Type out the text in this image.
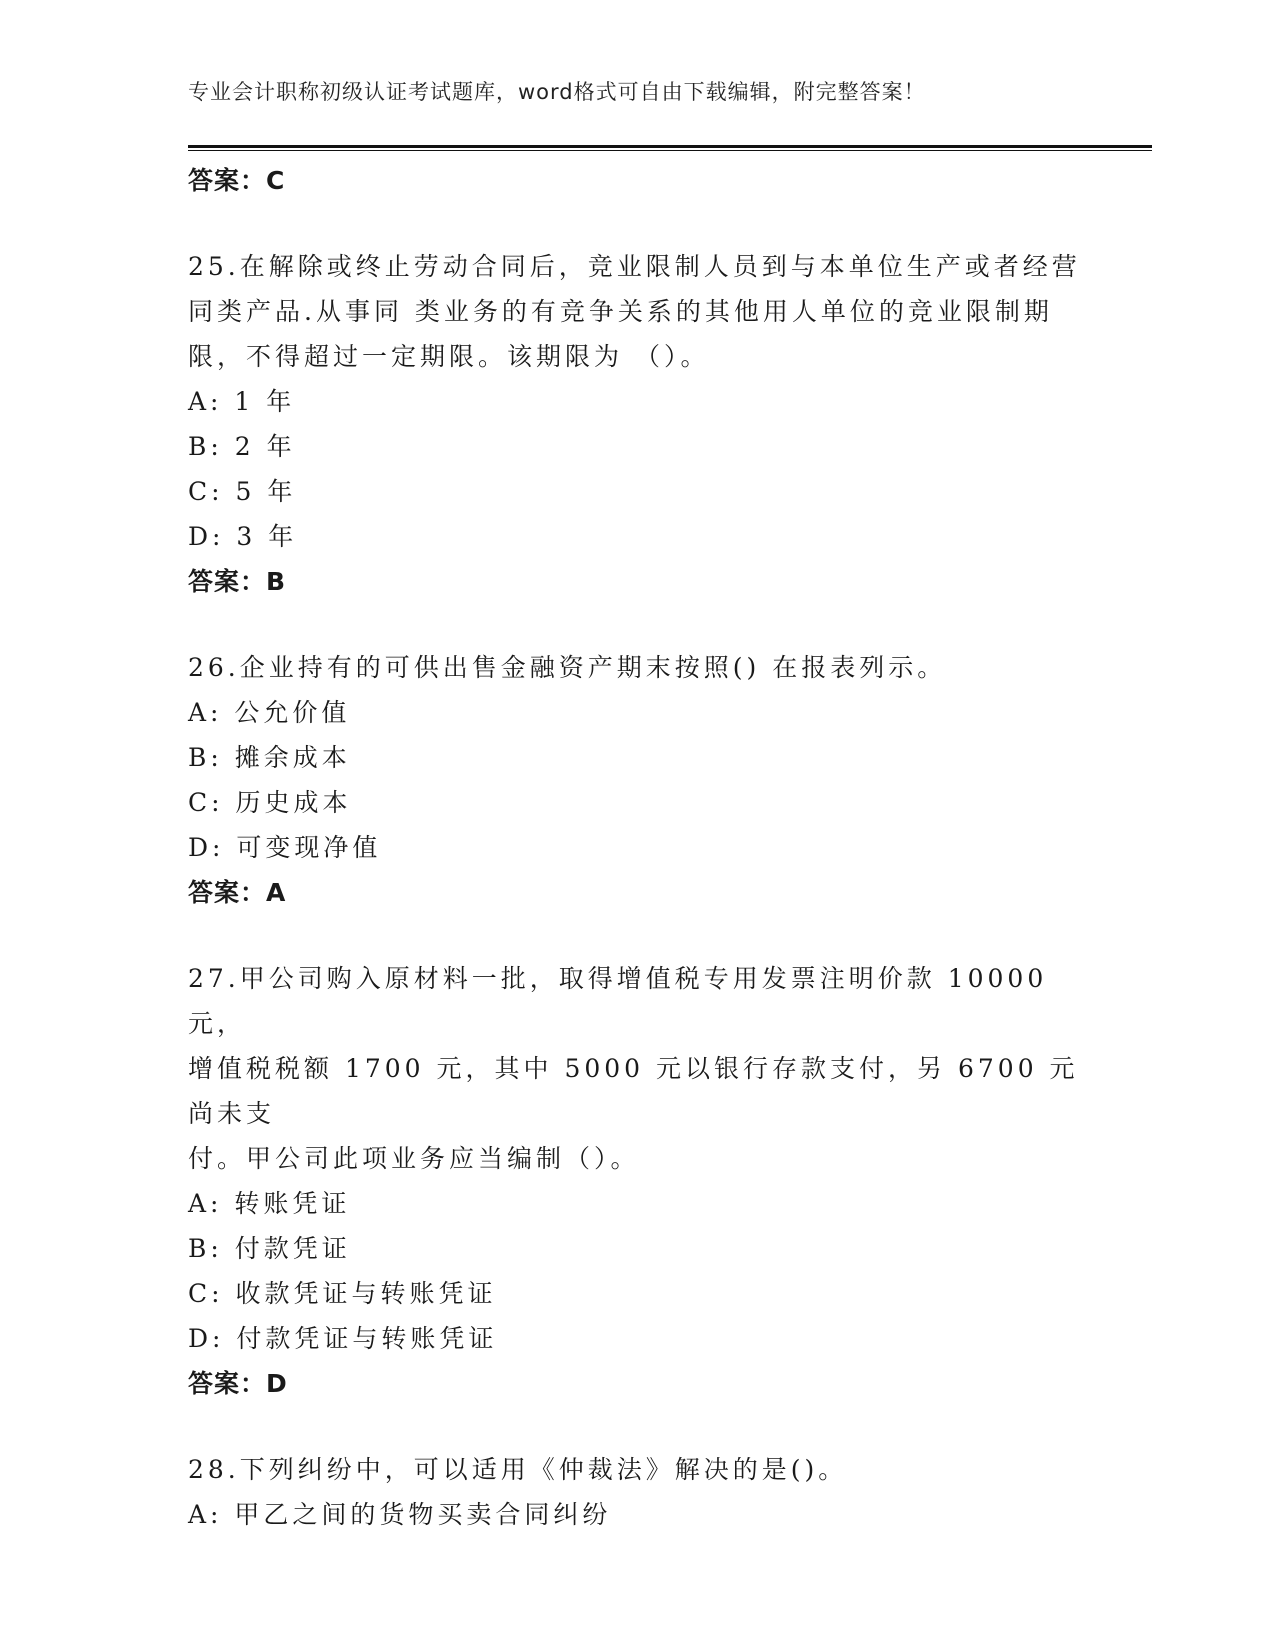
专业会计职称初级认证考试题库，word格式可自由下载编辑，附完整答案！
答案：C
25.在解除或终止劳动合同后，竞业限制人员到与本单位生产或者经营
同类产品.从事同 类业务的有竞争关系的其他用人单位的竞业限制期
限，不得超过一定期限。该期限为 （）。
A: 1 年
B: 2 年
C: 5 年
D: 3 年
答案：B
26.企业持有的可供出售金融资产期末按照() 在报表列示。
A: 公允价值
B: 摊余成本
C: 历史成本
D: 可变现净值
答案：A
27.甲公司购入原材料一批，取得增值税专用发票注明价款 10000 元，
增值税税额 1700 元，其中 5000 元以银行存款支付，另 6700 元尚未支
付。甲公司此项业务应当编制（）。
A: 转账凭证
B: 付款凭证
C: 收款凭证与转账凭证
D: 付款凭证与转账凭证
答案：D
28.下列纠纷中，可以适用《仲裁法》解决的是()。
A: 甲乙之间的货物买卖合同纠纷
